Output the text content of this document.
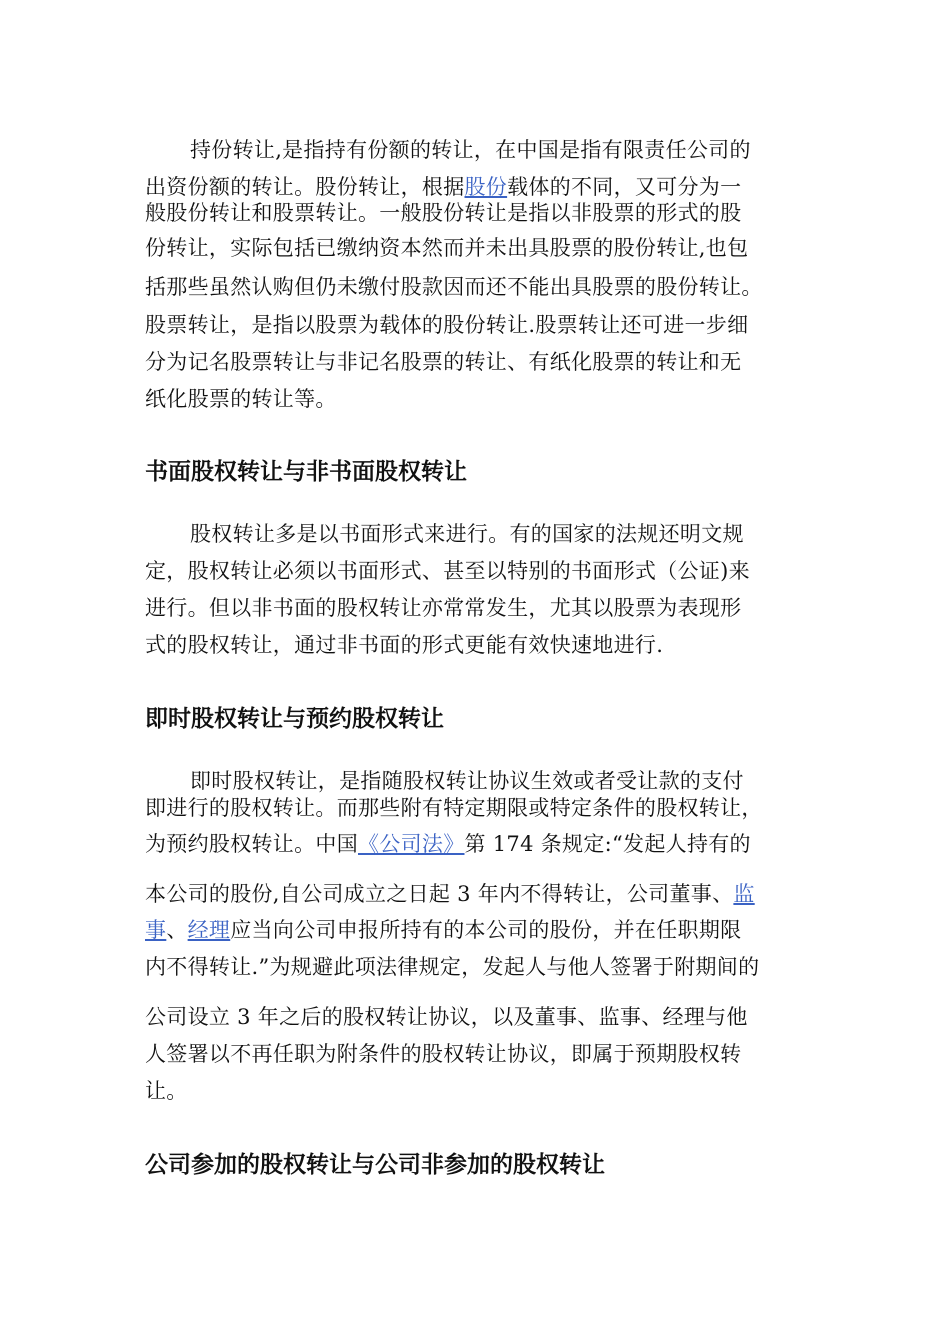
持份转让,是指持有份额的转让，在中国是指有限责任公司的
出资份额的转让。股份转让，根据股份载体的不同，又可分为一
般股份转让和股票转让。一般股份转让是指以非股票的形式的股
份转让，实际包括已缴纳资本然而并未出具股票的股份转让,也包
括那些虽然认购但仍未缴付股款因而还不能出具股票的股份转让。
股票转让，是指以股票为载体的股份转让.股票转让还可进一步细
分为记名股票转让与非记名股票的转让、有纸化股票的转让和无
纸化股票的转让等。
书面股权转让与非书面股权转让
股权转让多是以书面形式来进行。有的国家的法规还明文规
定，股权转让必须以书面形式、甚至以特别的书面形式（公证)来
进行。但以非书面的股权转让亦常常发生，尤其以股票为表现形
式的股权转让，通过非书面的形式更能有效快速地进行.
即时股权转让与预约股权转让
即时股权转让，是指随股权转让协议生效或者受让款的支付
即进行的股权转让。而那些附有特定期限或特定条件的股权转让，
为预约股权转让。中国《公司法》第 174 条规定:“发起人持有的
本公司的股份,自公司成立之日起 3 年内不得转让，公司董事、监
事、经理应当向公司申报所持有的本公司的股份，并在任职期限
内不得转让.”为规避此项法律规定，发起人与他人签署于附期间的
公司设立 3 年之后的股权转让协议，以及董事、监事、经理与他
人签署以不再任职为附条件的股权转让协议，即属于预期股权转
让。
公司参加的股权转让与公司非参加的股权转让
